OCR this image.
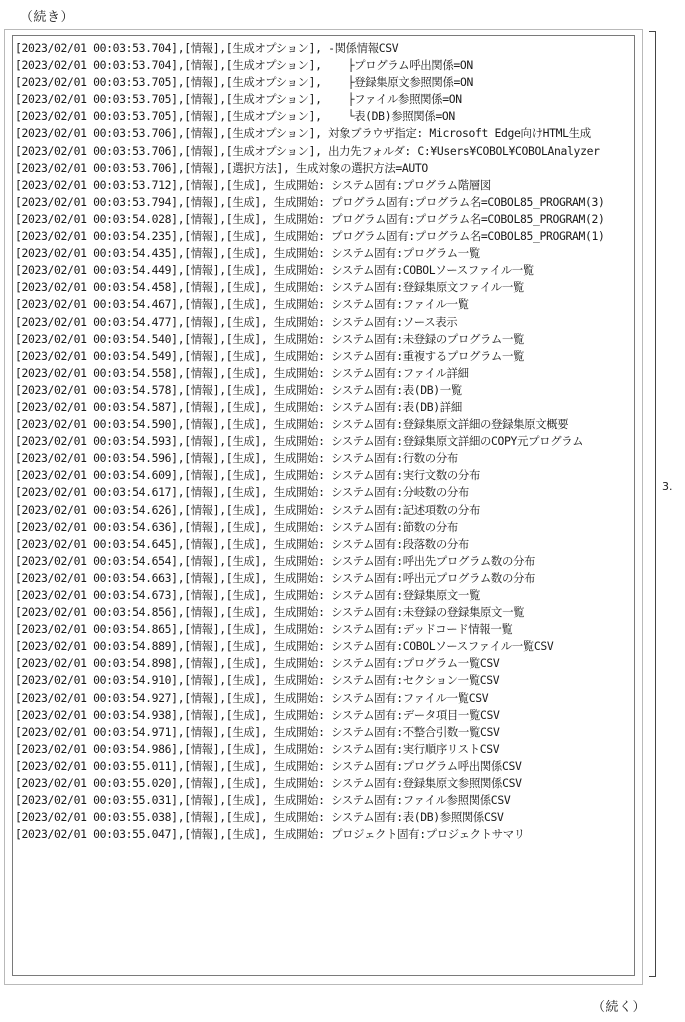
（続き）
[2023/02/01 00:03:53.704],[情報],[生成オプション], -関係情報CSV
[2023/02/01 00:03:53.704],[情報],[生成オプション],    ├プログラム呼出関係=ON
[2023/02/01 00:03:53.705],[情報],[生成オプション],    ├登録集原文参照関係=ON
[2023/02/01 00:03:53.705],[情報],[生成オプション],    ├ファイル参照関係=ON
[2023/02/01 00:03:53.705],[情報],[生成オプション],    └表(DB)参照関係=ON
[2023/02/01 00:03:53.706],[情報],[生成オプション], 対象ブラウザ指定: Microsoft Edge向けHTML生成
[2023/02/01 00:03:53.706],[情報],[生成オプション], 出力先フォルダ: C:¥Users¥COBOL¥COBOLAnalyzer
[2023/02/01 00:03:53.706],[情報],[選択方法], 生成対象の選択方法=AUTO
[2023/02/01 00:03:53.712],[情報],[生成], 生成開始: システム固有:プログラム階層図
[2023/02/01 00:03:53.794],[情報],[生成], 生成開始: プログラム固有:プログラム名=COBOL85_PROGRAM(3)
[2023/02/01 00:03:54.028],[情報],[生成], 生成開始: プログラム固有:プログラム名=COBOL85_PROGRAM(2)
[2023/02/01 00:03:54.235],[情報],[生成], 生成開始: プログラム固有:プログラム名=COBOL85_PROGRAM(1)
[2023/02/01 00:03:54.435],[情報],[生成], 生成開始: システム固有:プログラム一覧
[2023/02/01 00:03:54.449],[情報],[生成], 生成開始: システム固有:COBOLソースファイル一覧
[2023/02/01 00:03:54.458],[情報],[生成], 生成開始: システム固有:登録集原文ファイル一覧
[2023/02/01 00:03:54.467],[情報],[生成], 生成開始: システム固有:ファイル一覧
[2023/02/01 00:03:54.477],[情報],[生成], 生成開始: システム固有:ソース表示
[2023/02/01 00:03:54.540],[情報],[生成], 生成開始: システム固有:未登録のプログラム一覧
[2023/02/01 00:03:54.549],[情報],[生成], 生成開始: システム固有:重複するプログラム一覧
[2023/02/01 00:03:54.558],[情報],[生成], 生成開始: システム固有:ファイル詳細
[2023/02/01 00:03:54.578],[情報],[生成], 生成開始: システム固有:表(DB)一覧
[2023/02/01 00:03:54.587],[情報],[生成], 生成開始: システム固有:表(DB)詳細
[2023/02/01 00:03:54.590],[情報],[生成], 生成開始: システム固有:登録集原文詳細の登録集原文概要
[2023/02/01 00:03:54.593],[情報],[生成], 生成開始: システム固有:登録集原文詳細のCOPY元プログラム
[2023/02/01 00:03:54.596],[情報],[生成], 生成開始: システム固有:行数の分布
[2023/02/01 00:03:54.609],[情報],[生成], 生成開始: システム固有:実行文数の分布
[2023/02/01 00:03:54.617],[情報],[生成], 生成開始: システム固有:分岐数の分布
[2023/02/01 00:03:54.626],[情報],[生成], 生成開始: システム固有:記述項数の分布
[2023/02/01 00:03:54.636],[情報],[生成], 生成開始: システム固有:節数の分布
[2023/02/01 00:03:54.645],[情報],[生成], 生成開始: システム固有:段落数の分布
[2023/02/01 00:03:54.654],[情報],[生成], 生成開始: システム固有:呼出先プログラム数の分布
[2023/02/01 00:03:54.663],[情報],[生成], 生成開始: システム固有:呼出元プログラム数の分布
[2023/02/01 00:03:54.673],[情報],[生成], 生成開始: システム固有:登録集原文一覧
[2023/02/01 00:03:54.856],[情報],[生成], 生成開始: システム固有:未登録の登録集原文一覧
[2023/02/01 00:03:54.865],[情報],[生成], 生成開始: システム固有:デッドコード情報一覧
[2023/02/01 00:03:54.889],[情報],[生成], 生成開始: システム固有:COBOLソースファイル一覧CSV
[2023/02/01 00:03:54.898],[情報],[生成], 生成開始: システム固有:プログラム一覧CSV
[2023/02/01 00:03:54.910],[情報],[生成], 生成開始: システム固有:セクション一覧CSV
[2023/02/01 00:03:54.927],[情報],[生成], 生成開始: システム固有:ファイル一覧CSV
[2023/02/01 00:03:54.938],[情報],[生成], 生成開始: システム固有:データ項目一覧CSV
[2023/02/01 00:03:54.971],[情報],[生成], 生成開始: システム固有:不整合引数一覧CSV
[2023/02/01 00:03:54.986],[情報],[生成], 生成開始: システム固有:実行順序リストCSV
[2023/02/01 00:03:55.011],[情報],[生成], 生成開始: システム固有:プログラム呼出関係CSV
[2023/02/01 00:03:55.020],[情報],[生成], 生成開始: システム固有:登録集原文参照関係CSV
[2023/02/01 00:03:55.031],[情報],[生成], 生成開始: システム固有:ファイル参照関係CSV
[2023/02/01 00:03:55.038],[情報],[生成], 生成開始: システム固有:表(DB)参照関係CSV
[2023/02/01 00:03:55.047],[情報],[生成], 生成開始: プロジェクト固有:プロジェクトサマリ
3.
（続く）
